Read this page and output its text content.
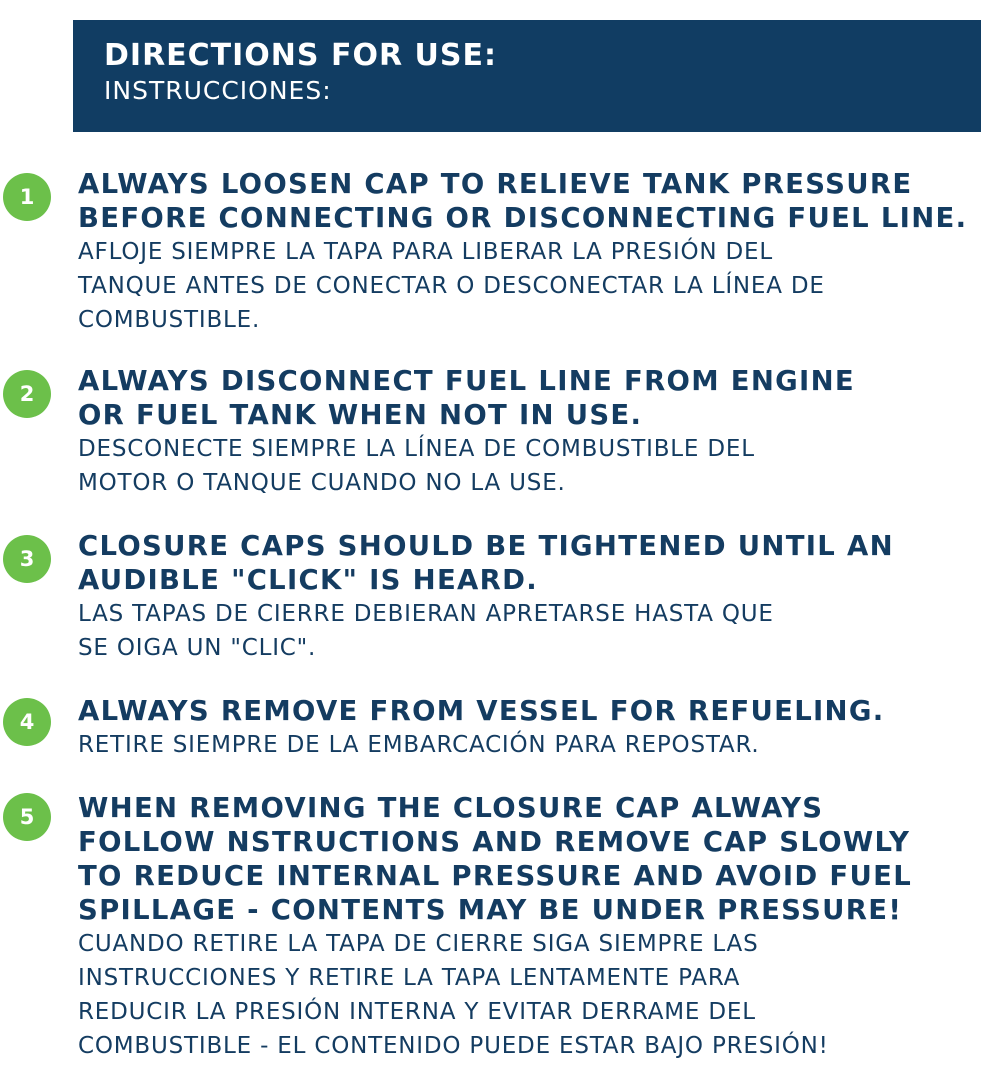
DIRECTIONS FOR USE:
INSTRUCCIONES:
1	ALWAYS LOOSEN CAP TO RELIEVE TANK PRESSURE
BEFORE CONNECTING OR DISCONNECTING FUEL LINE.

AFLOJE SIEMPRE LA TAPA PARA LIBERAR LA PRESIÓN DEL
TANQUE ANTES DE CONECTAR O DESCONECTAR LA LÍNEA DE
COMBUSTIBLE.

2	ALWAYS DISCONNECT FUEL LINE FROM ENGINE
OR FUEL TANK WHEN NOT IN USE.

DESCONECTE SIEMPRE LA LÍNEA DE COMBUSTIBLE DEL
MOTOR O TANQUE CUANDO NO LA USE.

3	CLOSURE CAPS SHOULD BE TIGHTENED UNTIL AN
AUDIBLE "CLICK" IS HEARD.

LAS TAPAS DE CIERRE DEBIERAN APRETARSE HASTA QUE
SE OIGA UN "CLIC".

4	ALWAYS REMOVE FROM VESSEL FOR REFUELING.

RETIRE SIEMPRE DE LA EMBARCACIÓN PARA REPOSTAR.

5	WHEN REMOVING THE CLOSURE CAP ALWAYS
FOLLOW NSTRUCTIONS AND REMOVE CAP SLOWLY
TO REDUCE INTERNAL PRESSURE AND AVOID FUEL
SPILLAGE - CONTENTS MAY BE UNDER PRESSURE!

CUANDO RETIRE LA TAPA DE CIERRE SIGA SIEMPRE LAS
INSTRUCCIONES Y RETIRE LA TAPA LENTAMENTE PARA
REDUCIR LA PRESIÓN INTERNA Y EVITAR DERRAME DEL
COMBUSTIBLE - EL CONTENIDO PUEDE ESTAR BAJO PRESIÓN!
